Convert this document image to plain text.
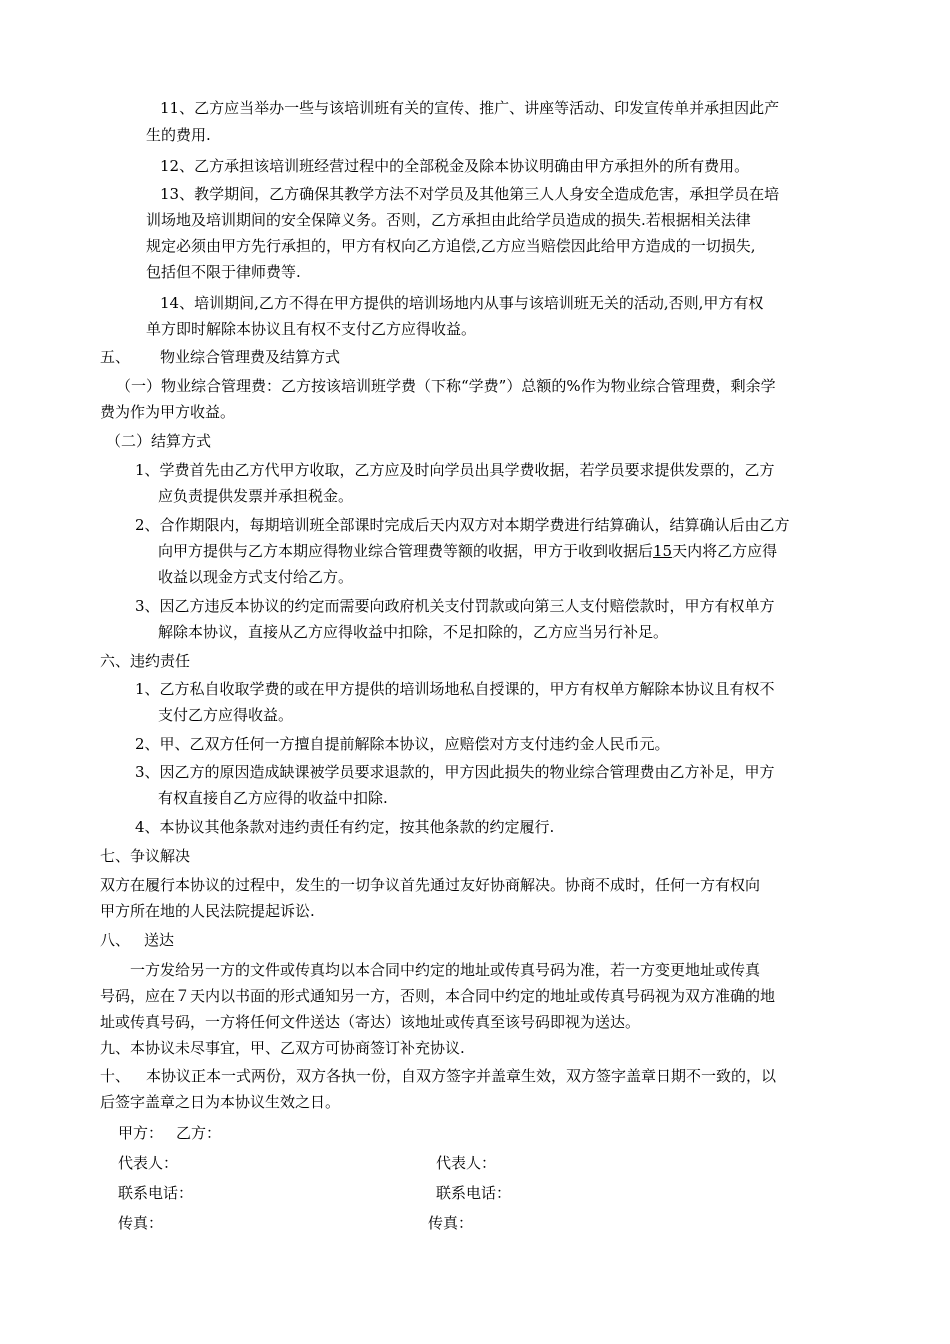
11、乙方应当举办一些与该培训班有关的宣传、推广、讲座等活动、印发宣传单并承担因此产
生的费用.
12、乙方承担该培训班经营过程中的全部税金及除本协议明确由甲方承担外的所有费用。
13、教学期间，乙方确保其教学方法不对学员及其他第三人人身安全造成危害，承担学员在培
训场地及培训期间的安全保障义务。否则，乙方承担由此给学员造成的损失.若根据相关法律
规定必须由甲方先行承担的，甲方有权向乙方追偿,乙方应当赔偿因此给甲方造成的一切损失,
包括但不限于律师费等.
14、培训期间,乙方不得在甲方提供的培训场地内从事与该培训班无关的活动,否则,甲方有权
单方即时解除本协议且有权不支付乙方应得收益。
五、 物业综合管理费及结算方式
（一）物业综合管理费：乙方按该培训班学费（下称“学费”）总额的%作为物业综合管理费，剩余学
费为作为甲方收益。
（二）结算方式
1、学费首先由乙方代甲方收取，乙方应及时向学员出具学费收据，若学员要求提供发票的，乙方
应负责提供发票并承担税金。
2、合作期限内，每期培训班全部课时完成后天内双方对本期学费进行结算确认，结算确认后由乙方
向甲方提供与乙方本期应得物业综合管理费等额的收据，甲方于收到收据后15天内将乙方应得
收益以现金方式支付给乙方。
3、因乙方违反本协议的约定而需要向政府机关支付罚款或向第三人支付赔偿款时，甲方有权单方
解除本协议，直接从乙方应得收益中扣除，不足扣除的，乙方应当另行补足。
六、违约责任
1、乙方私自收取学费的或在甲方提供的培训场地私自授课的，甲方有权单方解除本协议且有权不
支付乙方应得收益。
2、甲、乙双方任何一方擅自提前解除本协议，应赔偿对方支付违约金人民币元。
3、因乙方的原因造成缺课被学员要求退款的，甲方因此损失的物业综合管理费由乙方补足，甲方
有权直接自乙方应得的收益中扣除.
4、本协议其他条款对违约责任有约定，按其他条款的约定履行.
七、争议解决
双方在履行本协议的过程中，发生的一切争议首先通过友好协商解决。协商不成时，任何一方有权向
甲方所在地的人民法院提起诉讼.
八、 送达
一方发给另一方的文件或传真均以本合同中约定的地址或传真号码为准，若一方变更地址或传真
号码，应在７天内以书面的形式通知另一方，否则，本合同中约定的地址或传真号码视为双方准确的地
址或传真号码，一方将任何文件送达（寄达）该地址或传真至该号码即视为送达。
九、本协议未尽事宜，甲、乙双方可协商签订补充协议.
十、 本协议正本一式两份，双方各执一份，自双方签字并盖章生效，双方签字盖章日期不一致的，以
后签字盖章之日为本协议生效之日。
甲方： 乙方：
代表人：	代表人：
联系电话：	联系电话：
传真：	传真：
